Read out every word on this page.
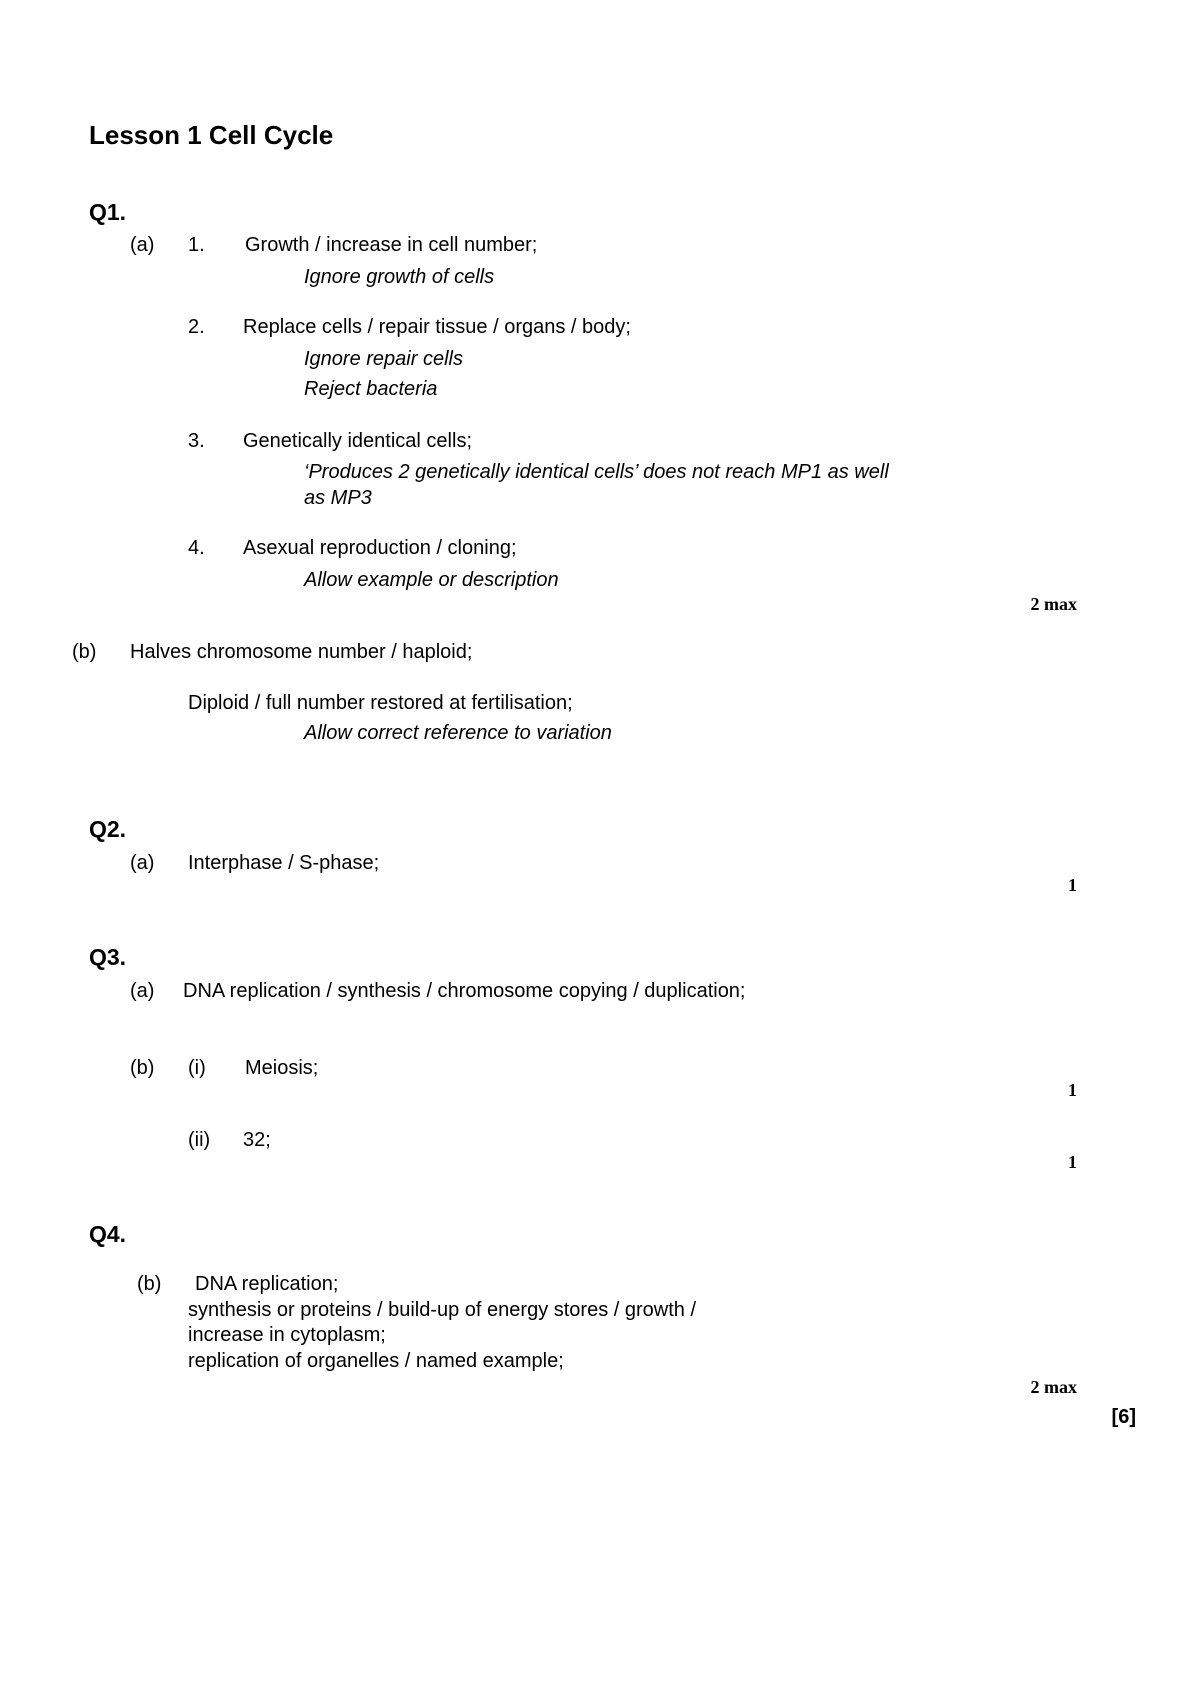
Lesson 1 Cell Cycle
Q1.
(a) 1. Growth / increase in cell number;
Ignore growth of cells
2. Replace cells / repair tissue / organs / body;
Ignore repair cells
Reject bacteria
3. Genetically identical cells;
‘Produces 2 genetically identical cells’ does not reach MP1 as well
as MP3
4. Asexual reproduction / cloning;
Allow example or description
2 max
(b) Halves chromosome number / haploid;
Diploid / full number restored at fertilisation;
Allow correct reference to variation
Q2.
(a) Interphase / S-phase;
1
Q3.
(a) DNA replication / synthesis / chromosome copying / duplication;
(b) (i) Meiosis;
1
(ii) 32;
1
Q4.
(b) DNA replication;
synthesis or proteins / build-up of energy stores / growth /
increase in cytoplasm;
replication of organelles / named example;
2 max
[6]
